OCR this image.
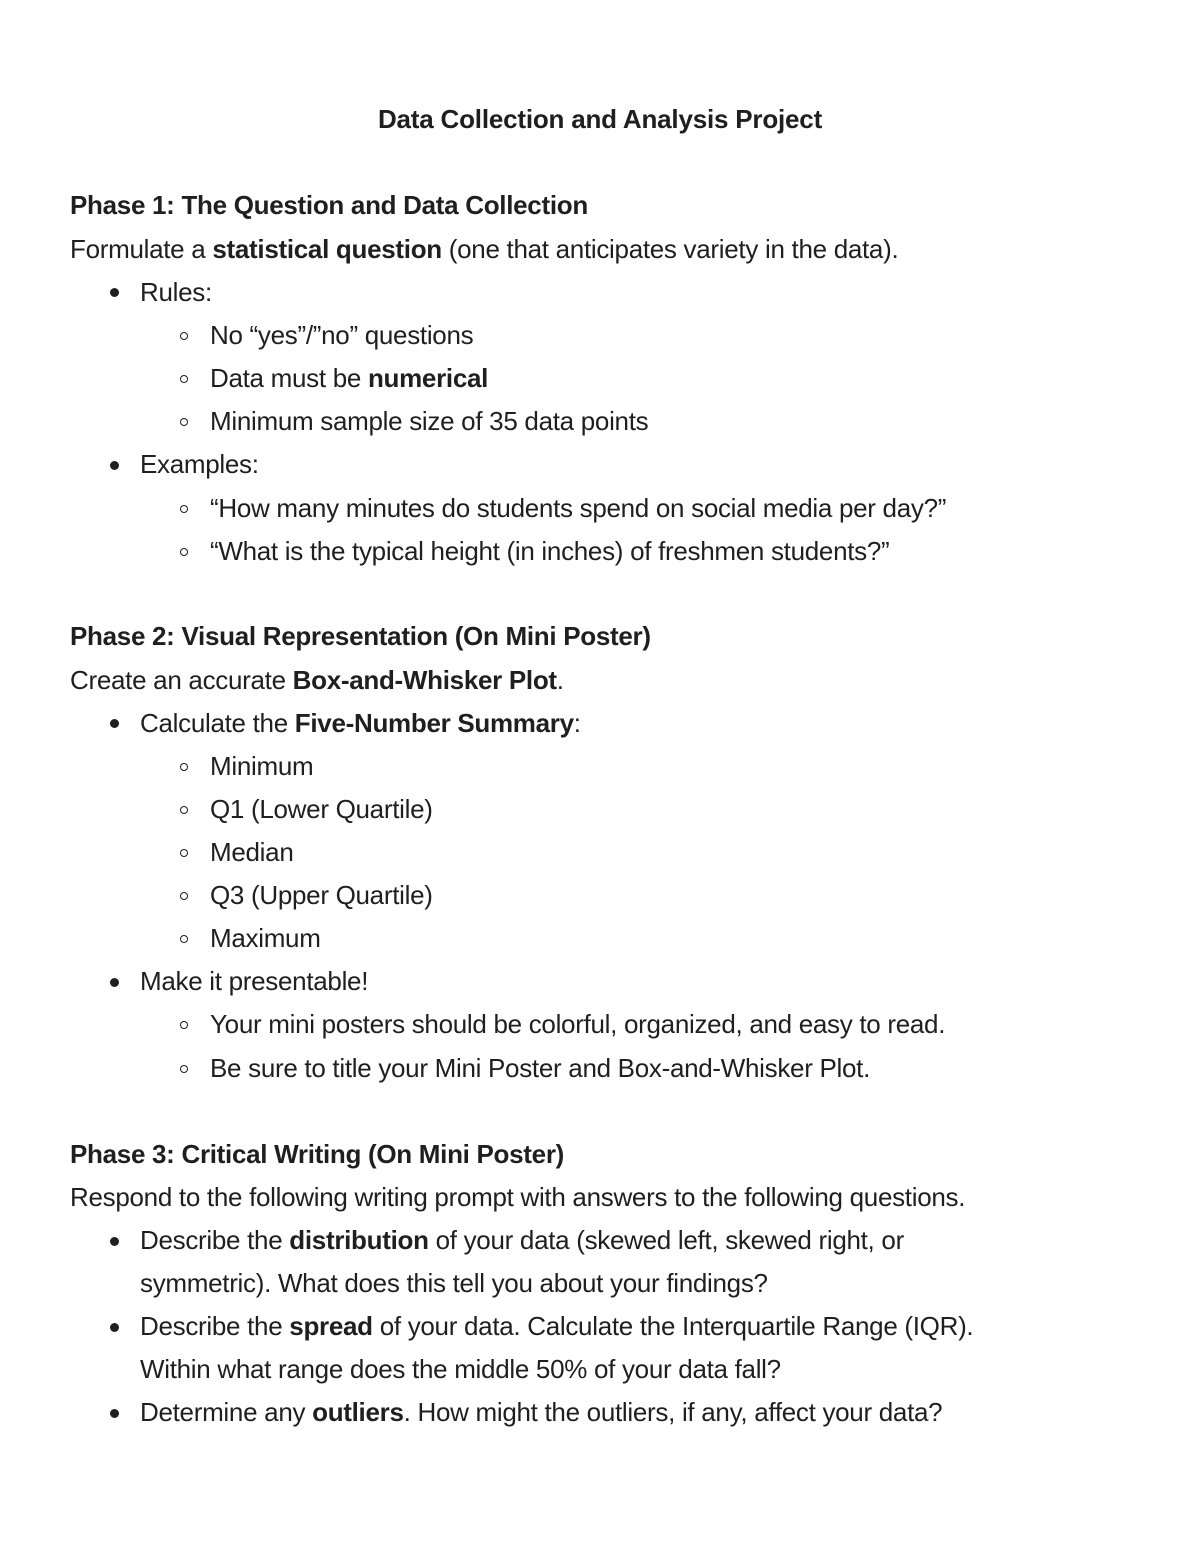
Data Collection and Analysis Project
Phase 1: The Question and Data Collection
Formulate a statistical question (one that anticipates variety in the data).
Rules:
No “yes”/”no” questions
Data must be numerical
Minimum sample size of 35 data points
Examples:
“How many minutes do students spend on social media per day?”
“What is the typical height (in inches) of freshmen students?”
Phase 2: Visual Representation (On Mini Poster)
Create an accurate Box-and-Whisker Plot.
Calculate the Five-Number Summary:
Minimum
Q1 (Lower Quartile)
Median
Q3 (Upper Quartile)
Maximum
Make it presentable!
Your mini posters should be colorful, organized, and easy to read.
Be sure to title your Mini Poster and Box-and-Whisker Plot.
Phase 3: Critical Writing (On Mini Poster)
Respond to the following writing prompt with answers to the following questions.
Describe the distribution of your data (skewed left, skewed right, or
symmetric). What does this tell you about your findings?
Describe the spread of your data. Calculate the Interquartile Range (IQR).
Within what range does the middle 50% of your data fall?
Determine any outliers. How might the outliers, if any, affect your data?
